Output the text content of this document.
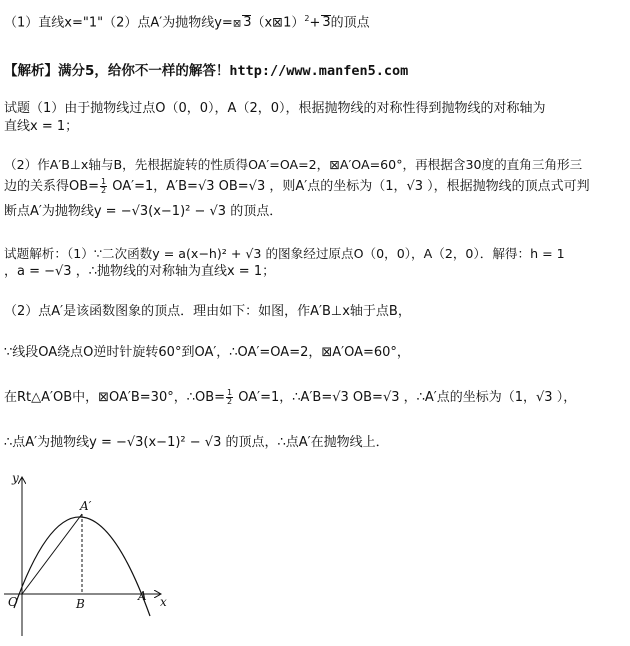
（1）直线x="1"（2）点A′为抛物线y=⊠ 3（x⊠1）$^2$+ 3的顶点
【解析】满分5，给你不一样的解答！http://www.manfen5.com
试题（1）由于抛物线过点O（0，0），A（2，0），根据抛物线的对称性得到抛物线的对称轴为
直线x = 1；
（2）作A′B⊥x轴与B，先根据旋转的性质得OA′=OA=2，⊠A′OA=60°，再根据含30度的直角三角形三
边的关系得$OB= \frac{1}{2} OA'=1$，A′B=√3 OB=√3 ，则A′点的坐标为（1，√3 ），根据抛物线的顶点式可判
断点A′为抛物线y = −√3(x−1)² − √3 的顶点．
试题解析：（1）∵二次函数y = a(x−h)² + √3 的图象经过原点O（0，0），A（2，0）．解得：h = 1
，a = −√3 ，∴抛物线的对称轴为直线x = 1；
（2）点A′是该函数图象的顶点．理由如下：如图，作A′B⊥x轴于点B，
∵线段OA绕点O逆时针旋转60°到OA′，∴OA′=OA=2，⊠A′OA=60°，
在Rt△A′OB中，⊠OA′B=30°，∴OB= $\frac{1}{2} OA'=1$，∴A′B=√3 OB=√3 ，∴A′点的坐标为（1，√3 ），
∴点A′为抛物线y = −√3(x−1)² − √3 的顶点，∴点A′在抛物线上．
y
x
O	B
A
A′
